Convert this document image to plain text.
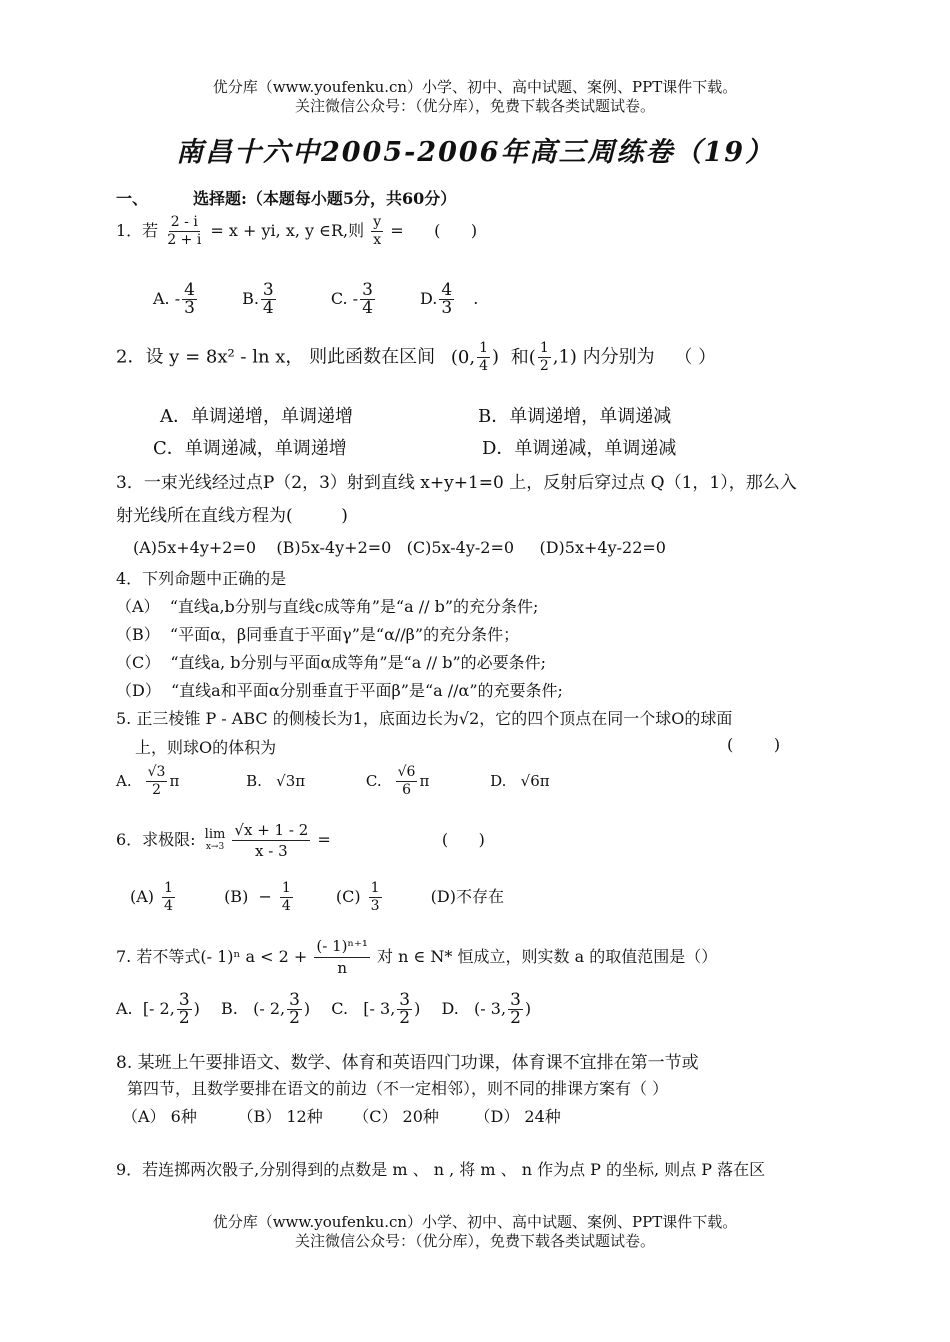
优分库（www.youfenku.cn）小学、初中、高中试题、案例、PPT课件下载。
关注微信公众号：（优分库），免费下载各类试题试卷。
南昌十六中2005-2006年高三周练卷（19）
一、	选择题:（本题每小题5分，共60分）
1．若 $\frac{2 - i}{2 + i} = x$ + yi, x, y ∈R,则 $\frac{y}{x}$ =      (      )
A. - $\frac{4}{3}$	B. $\frac{3}{4}$	C. - $\frac{3}{4}$	D. $\frac{4}{3}$ .
2．设 y = 8x² - ln x， 则此函数在区间 (0, $\frac{1}{4}$ ) 和( $\frac{1}{2} ,1$) 内分别为 （ ）
A．单调递增，单调递增	B．单调递增，单调递减
C．单调递减，单调递增	D．单调递减，单调递减
3．一束光线经过点P（2，3）射到直线 x+y+1=0 上，反射后穿过点 Q（1，1），那么入
射光线所在直线方程为(         )
(A)5x+4y+2=0    (B)5x-4y+2=0   (C)5x-4y-2=0     (D)5x+4y-22=0
4．下列命题中正确的是
（A）  “直线a,b分别与直线c成等角”是“a // b”的充分条件;
（B）  “平面α，β同垂直于平面γ”是“α//β”的充分条件；
（C）  “直线a, b分别与平面α成等角”是“a // b”的必要条件;
（D）  “直线a和平面α分别垂直于平面β”是“a //α”的充要条件;
5. 正三棱锥 P - ABC 的侧棱长为1，底面边长为√2，它的四个顶点在同一个球O的球面
上，则球O的体积为	(        )
A. $\frac{√3}{2}$ π	B.   √3π	C. $\frac{√6}{6}$ π	D.   √6π
6．求极限: lim
x→3
$\frac{√x + 1 - 2}{x - 3}$ =	(      )
$(A) \frac{1}{4}$	$(B) - \frac{1}{4}$	$(C) \frac{1}{3}$	(D)不存在
7. 若不等式(- 1)ⁿ $a < 2 + \frac{\text{(- 1)ⁿ⁺¹}}{n}$ 对 n ∈ N* 恒成立，则实数 a 的取值范围是（）
A.  [- 2, $\frac{3}{2}$ ) B.   (- 2, $\frac{3}{2}$ ) C.   [- 3, $\frac{3}{2}$ ) D.   (- 3, $\frac{3}{2}$ )
8. 某班上午要排语文、数学、体育和英语四门功课，体育课不宜排在第一节或
第四节，且数学要排在语文的前边（不一定相邻），则不同的排课方案有（ ）
（A） 6种        （B） 12种      （C） 20种       （D） 24种
9．若连掷两次骰子,分别得到的点数是 m 、 n , 将 m 、 n 作为点 P 的坐标, 则点 P 落在区
优分库（www.youfenku.cn）小学、初中、高中试题、案例、PPT课件下载。
关注微信公众号：（优分库），免费下载各类试题试卷。
